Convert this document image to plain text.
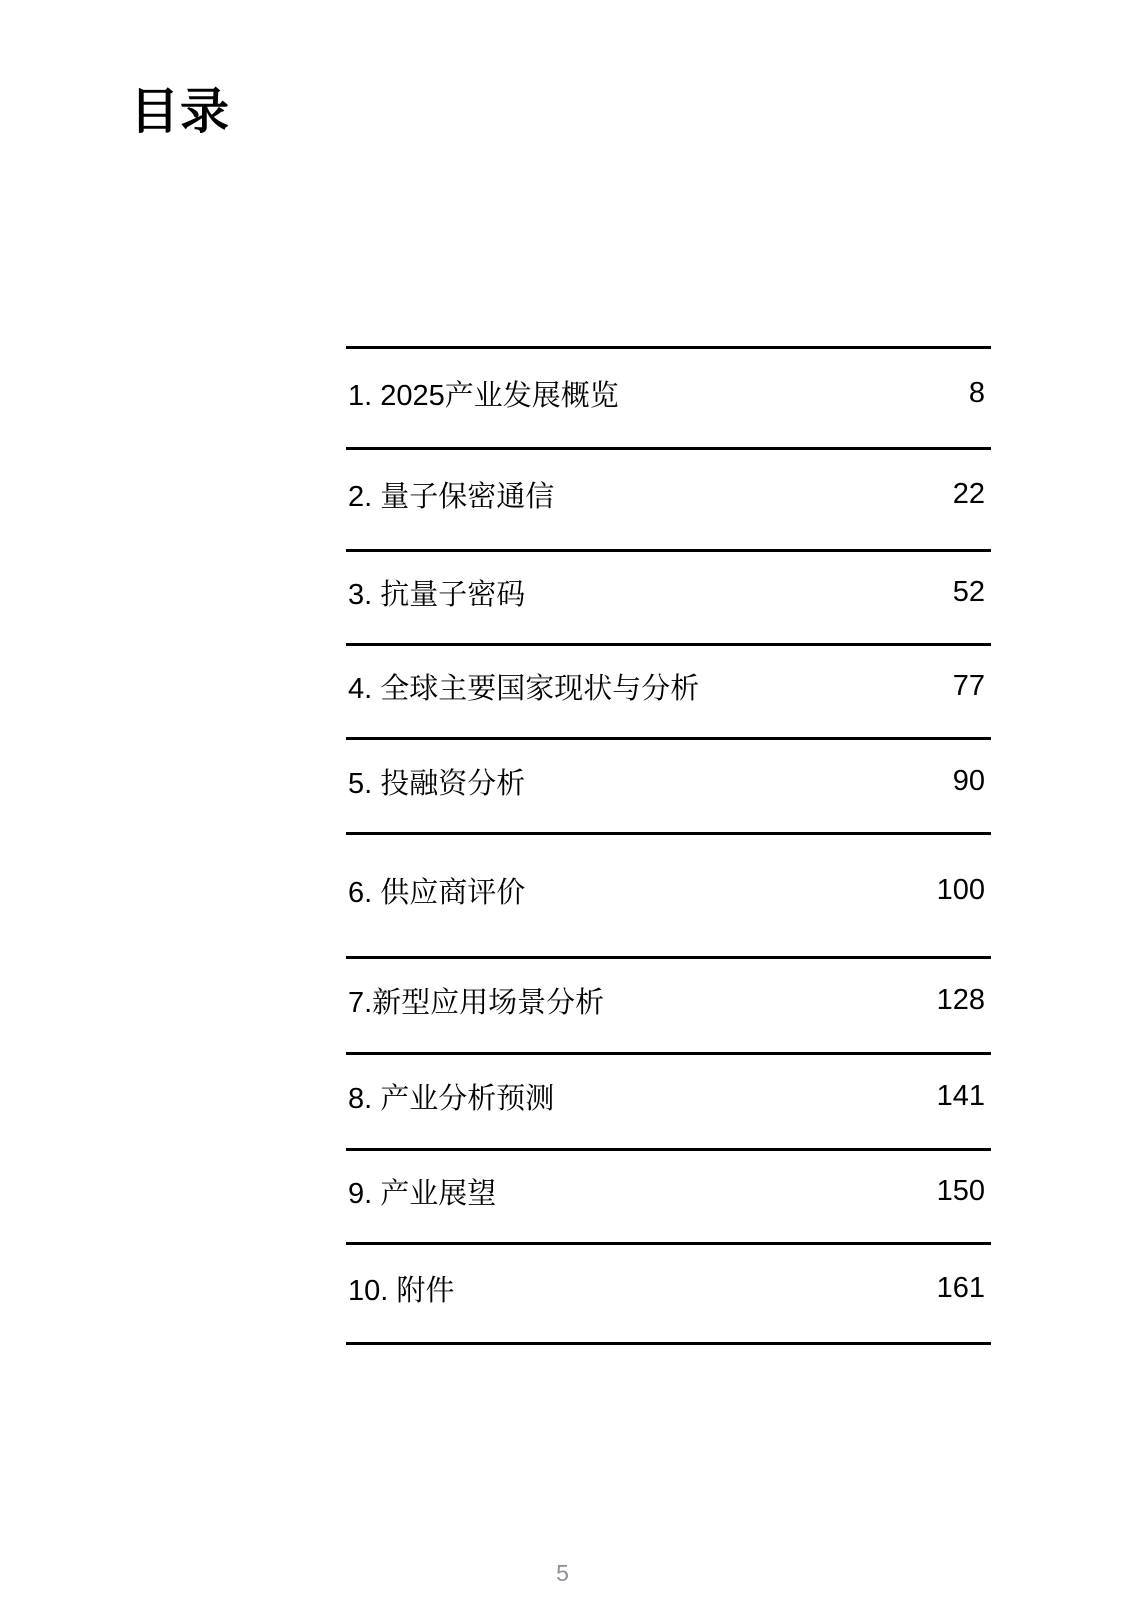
目录
1. 2025产业发展概览	8
2. 量子保密通信	22
3. 抗量子密码	52
4. 全球主要国家现状与分析	77
5. 投融资分析	90
6. 供应商评价	100
7.新型应用场景分析	128
8. 产业分析预测	141
9. 产业展望	150
10. 附件	161
5
